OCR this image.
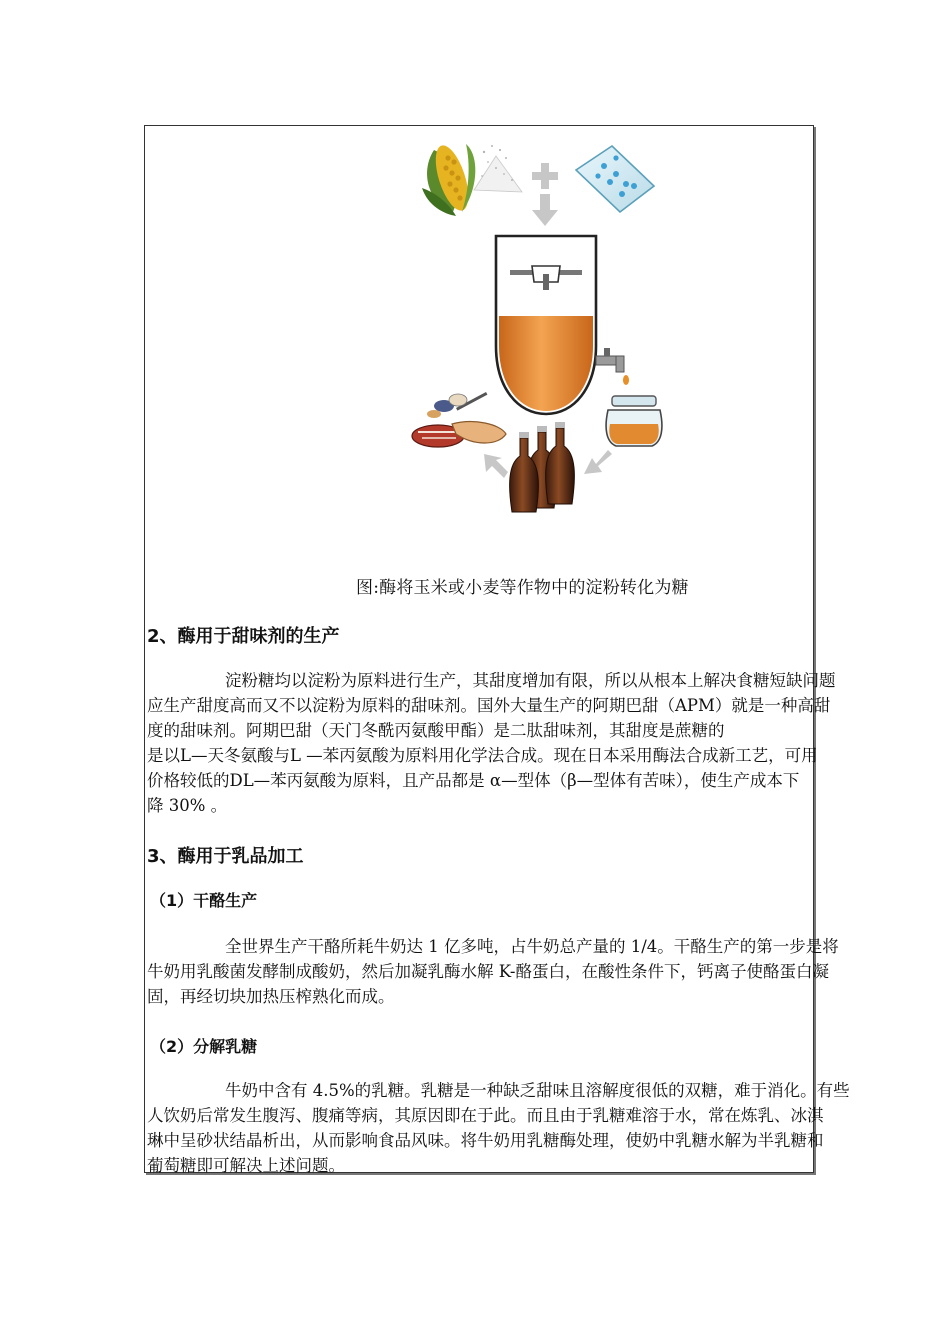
图:酶将玉米或小麦等作物中的淀粉转化为糖
2、酶用于甜味剂的生产
淀粉糖均以淀粉为原料进行生产，其甜度增加有限，所以从根本上解决食糖短缺问题
应生产甜度高而又不以淀粉为原料的甜味剂。国外大量生产的阿期巴甜（APM）就是一种高甜
度的甜味剂。阿期巴甜（天门冬酰丙氨酸甲酯）是二肽甜味剂，其甜度是蔗糖的
是以L—天冬氨酸与L —苯丙氨酸为原料用化学法合成。现在日本采用酶法合成新工艺，可用
价格较低的DL—苯丙氨酸为原料，且产品都是 α—型体（β—型体有苦味），使生产成本下
降 30% 。
3、酶用于乳品加工
（1）干酪生产
全世界生产干酪所耗牛奶达 1 亿多吨，占牛奶总产量的 1/4。干酪生产的第一步是将
牛奶用乳酸菌发酵制成酸奶，然后加凝乳酶水解 K-酪蛋白，在酸性条件下，钙离子使酪蛋白凝
固，再经切块加热压榨熟化而成。
（2）分解乳糖
牛奶中含有 4.5%的乳糖。乳糖是一种缺乏甜味且溶解度很低的双糖，难于消化。有些
人饮奶后常发生腹泻、腹痛等病，其原因即在于此。而且由于乳糖难溶于水，常在炼乳、冰淇
琳中呈砂状结晶析出，从而影响食品风味。将牛奶用乳糖酶处理，使奶中乳糖水解为半乳糖和
葡萄糖即可解决上述问题。
